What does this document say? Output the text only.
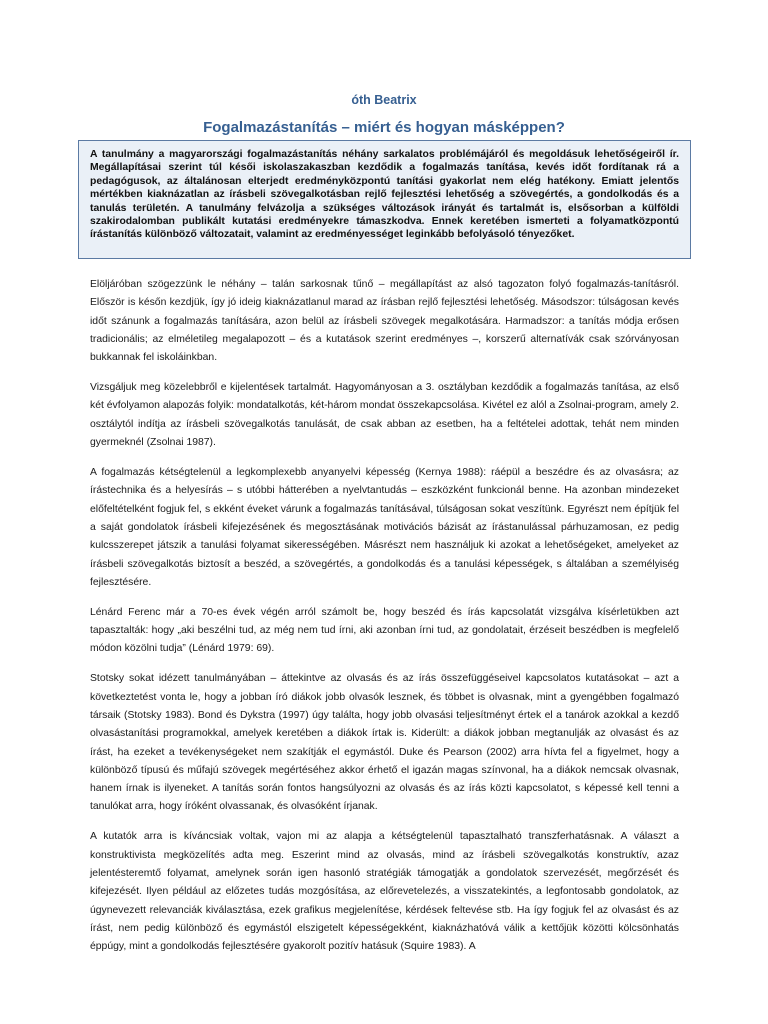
óth Beatrix
Fogalmazástanítás – miért és hogyan másképpen?
A tanulmány a magyarországi fogalmazástanítás néhány sarkalatos problémájáról és megoldásuk lehetőségeiről ír. Megállapításai szerint túl késői iskolaszakaszban kezdődik a fogalmazás tanítása, kevés időt fordítanak rá a pedagógusok, az általánosan elterjedt eredményközpontú tanítási gyakorlat nem elég hatékony. Emiatt jelentős mértékben kiaknázatlan az írásbeli szövegalkotásban rejlő fejlesztési lehetőség a szövegértés, a gondolkodás és a tanulás területén. A tanulmány felvázolja a szükséges változások irányát és tartalmát is, elsősorban a külföldi szakirodalomban publikált kutatási eredményekre támaszkodva. Ennek keretében ismerteti a folyamatközpontú írástanítás különböző változatait, valamint az eredményességet leginkább befolyásoló tényezőket.

Elöljáróban szögezzünk le néhány – talán sarkosnak tűnő – megállapítást az alsó tagozaton folyó fogalmazás-tanításról. Először is későn kezdjük, így jó ideig kiaknázatlanul marad az írásban rejlő fejlesztési lehetőség. Másodszor: túlságosan kevés időt szánunk a fogalmazás tanítására, azon belül az írásbeli szövegek megalkotására. Harmadszor: a tanítás módja erősen tradicionális; az elméletileg megalapozott – és a kutatások szerint eredményes –, korszerű alternatívák csak szórványosan bukkannak fel iskoláinkban.

Vizsgáljuk meg közelebbről e kijelentések tartalmát. Hagyományosan a 3. osztályban kezdődik a fogalmazás tanítása, az első két évfolyamon alapozás folyik: mondatalkotás, két-három mondat összekapcsolása. Kivétel ez alól a Zsolnai-program, amely 2. osztálytól indítja az írásbeli szövegalkotás tanulását, de csak abban az esetben, ha a feltételei adottak, tehát nem minden gyermeknél (Zsolnai 1987).

A fogalmazás kétségtelenül a legkomplexebb anyanyelvi képesség (Kernya 1988): ráépül a beszédre és az olvasásra; az írástechnika és a helyesírás – s utóbbi hátterében a nyelvtantudás – eszközként funkcionál benne. Ha azonban mindezeket előfeltételként fogjuk fel, s ekként éveket várunk a fogalmazás tanításával, túlságosan sokat veszítünk. Egyrészt nem építjük fel a saját gondolatok írásbeli kifejezésének és megosztásának motivációs bázisát az írástanulással párhuzamosan, ez pedig kulcsszerepet játszik a tanulási folyamat sikerességében. Másrészt nem használjuk ki azokat a lehetőségeket, amelyeket az írásbeli szövegalkotás biztosít a beszéd, a szövegértés, a gondolkodás és a tanulási képességek, s általában a személyiség fejlesztésére.

Lénárd Ferenc már a 70-es évek végén arról számolt be, hogy beszéd és írás kapcsolatát vizsgálva kísérletükben azt tapasztalták: hogy „aki beszélni tud, az még nem tud írni, aki azonban írni tud, az gondolatait, érzéseit beszédben is megfelelő módon közölni tudja” (Lénárd 1979: 69).

Stotsky sokat idézett tanulmányában – áttekintve az olvasás és az írás összefüggéseivel kapcsolatos kutatásokat – azt a következtetést vonta le, hogy a jobban író diákok jobb olvasók lesznek, és többet is olvasnak, mint a gyengébben fogalmazó társaik (Stotsky 1983). Bond és Dykstra (1997) úgy találta, hogy jobb olvasási teljesítményt értek el a tanárok azokkal a kezdő olvasástanítási programokkal, amelyek keretében a diákok írtak is. Kiderült: a diákok jobban megtanulják az olvasást és az írást, ha ezeket a tevékenységeket nem szakítják el egymástól. Duke és Pearson (2002) arra hívta fel a figyelmet, hogy a különböző típusú és műfajú szövegek megértéséhez akkor érhető el igazán magas színvonal, ha a diákok nemcsak olvasnak, hanem írnak is ilyeneket. A tanítás során fontos hangsúlyozni az olvasás és az írás közti kapcsolatot, s képessé kell tenni a tanulókat arra, hogy íróként olvassanak, és olvasóként írjanak.

A kutatók arra is kíváncsiak voltak, vajon mi az alapja a kétségtelenül tapasztalható transzferhatásnak. A választ a konstruktivista megközelítés adta meg. Eszerint mind az olvasás, mind az írásbeli szövegalkotás konstruktív, azaz jelentésteremtő folyamat, amelynek során igen hasonló stratégiák támogatják a gondolatok szervezését, megőrzését és kifejezését. Ilyen például az előzetes tudás mozgósítása, az előrevetelezés, a visszatekintés, a legfontosabb gondolatok, az úgynevezett relevanciák kiválasztása, ezek grafikus megjelenítése, kérdések feltevése stb. Ha így fogjuk fel az olvasást és az írást, nem pedig különböző és egymástól elszigetelt képességekként, kiaknázhatóvá válik a kettőjük közötti kölcsönhatás éppúgy, mint a gondolkodás fejlesztésére gyakorolt pozitív hatásuk (Squire 1983). A
